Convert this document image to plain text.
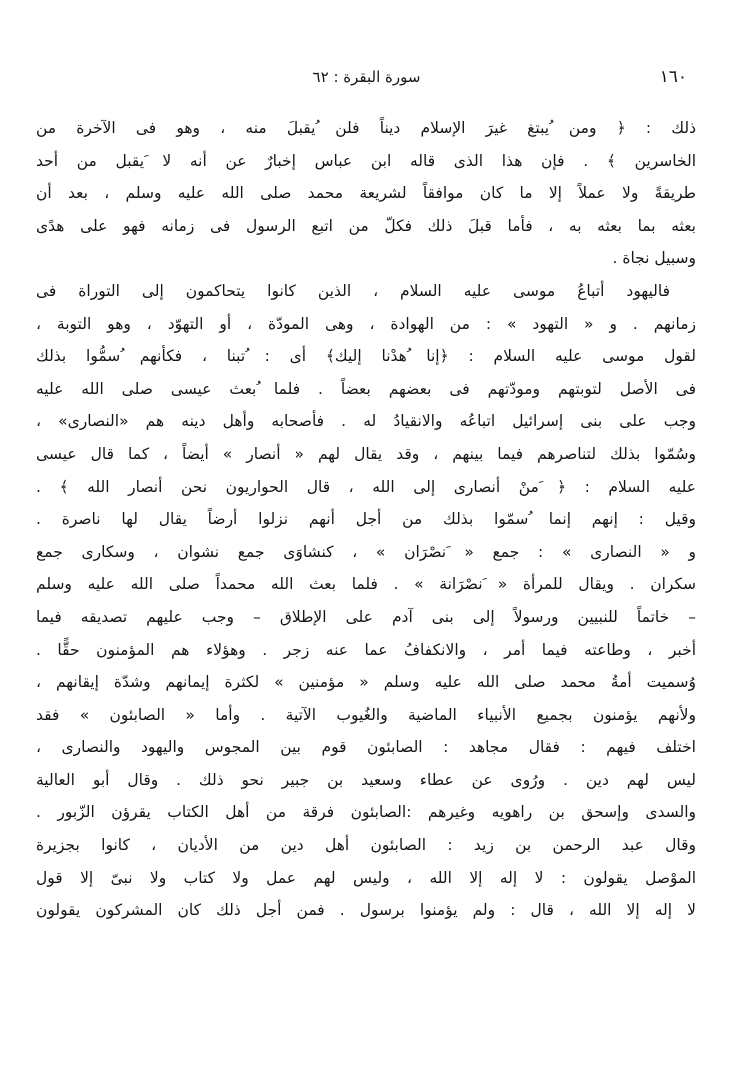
١٦٠
سورة البقرة : ٦٢
ذلك : ﴿ ومن ُيبتغ غيرَ الإسلام ديناً فلن ُيقبلَ منه ، وهو فى الآخرة من
الخاسرين ﴾ . فإن هذا الذى قاله ابن عباس إخبارٌ عن أنه لا َيقبل من أحد
طريقةً ولا عملاً إلا ما كان موافقاً لشريعة محمد صلى الله عليه وسلم ، بعد أن
بعثه بما بعثه به ، فأما قبلَ ذلك فكلّ من اتبع الرسول فى زمانه فهو على هدًى
وسبيل نجاة .
فاليهود أتباعُ موسى عليه السلام ، الذين كانوا يتحاكمون إلى التوراة فى
زمانهم . و « التهود » : من الهوادة ، وهى المودّة ، أو التهوّد ، وهو التوبة ،
لقول موسى عليه السلام : ﴿إنا ُهدْنا إليك﴾ أى : ُتبنا ، فكأنهم ُسمُّوا بذلك
فى الأصل لتوبتهم ومودّتهم فى بعضهم بعضاً . فلما ُبعث عيسى صلى الله عليه
وجب على بنى إسرائيل اتباعُه والانقيادُ له . فأصحابه وأهل دينه هم «النصارى» ،
وسُمّوا بذلك لتناصرهم فيما بينهم ، وقد يقال لهم « أنصار » أيضاً ، كما قال عيسى
عليه السلام : ﴿ َمنْ أنصارى إلى الله ، قال الحواريون نحن أنصار الله ﴾ .
وقيل : إنهم إنما ُسمّوا بذلك من أجل أنهم نزلوا أرضاً يقال لها ناصرة .
و « النصارى » : جمع « َنصْرَان » ، كنشاوَى جمع نشوان ، وسكارى جمع
سكران . ويقال للمرأة « َنصْرَانة » . فلما بعث الله محمداً صلى الله عليه وسلم
– خاتماً للنبيين ورسولاً إلى بنى آدم على الإطلاق – وجب عليهم تصديقه فيما
أخبر ، وطاعته فيما أمر ، والانكفافُ عما عنه زجر . وهؤلاء هم المؤمنون حقًّا .
وُسميت أمةُ محمد صلى الله عليه وسلم « مؤمنين » لكثرة إيمانهم وشدّة إيقانهم ،
ولأنهم يؤمنون بجميع الأنبياء الماضية والغُيوب الآتية . وأما « الصابئون » فقد
اختلف فيهم : فقال مجاهد : الصابئون قوم بين المجوس واليهود والنصارى ،
ليس لهم دين . ورُوى عن عطاء وسعيد بن جبير نحو ذلك . وقال أبو العالية
والسدى وإسحق بن راهويه وغيرهم :الصابئون فرقة من أهل الكتاب يقرؤن الزّبور .
وقال عبد الرحمن بن زيد : الصابئون أهل دين من الأديان ، كانوا بجزيرة
الموْصل يقولون : لا إله إلا الله ، وليس لهم عمل ولا كتاب ولا نبىّ إلا قول
لا إله إلا الله ، قال : ولم يؤمنوا برسول . فمن أجل ذلك كان المشركون يقولون
